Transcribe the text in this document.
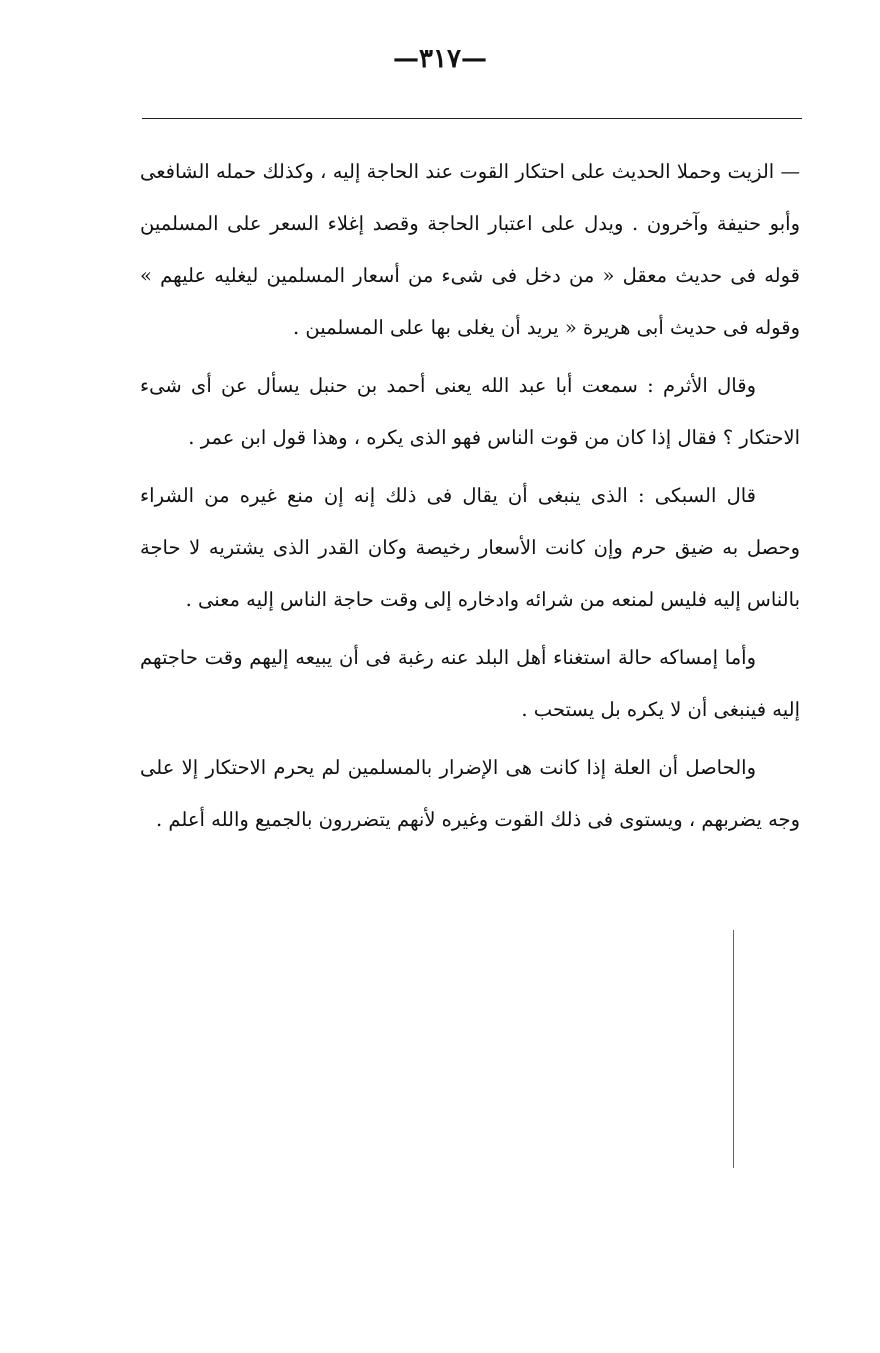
—٣١٧—

— الزيت وحملا الحديث على احتكار القوت عند الحاجة إليه ، وكذلك حمله الشافعى وأبو حنيفة وآخرون . ويدل على اعتبار الحاجة وقصد إغلاء السعر على المسلمين قوله فى حديث معقل « من دخل فى شىء من أسعار المسلمين ليغليه عليهم » وقوله فى حديث أبى هريرة « يريد أن يغلى بها على المسلمين .

وقال الأثرم : سمعت أبا عبد الله يعنى أحمد بن حنبل يسأل عن أى شىء الاحتكار ؟ فقال إذا كان من قوت الناس فهو الذى يكره ، وهذا قول ابن عمر .

قال السبكى : الذى ينبغى أن يقال فى ذلك إنه إن منع غيره من الشراء وحصل به ضيق حرم وإن كانت الأسعار رخيصة وكان القدر الذى يشتريه لا حاجة بالناس إليه فليس لمنعه من شرائه وادخاره إلى وقت حاجة الناس إليه معنى .

وأما إمساكه حالة استغناء أهل البلد عنه رغبة فى أن يبيعه إليهم وقت حاجتهم إليه فينبغى أن لا يكره بل يستحب .

والحاصل أن العلة إذا كانت هى الإضرار بالمسلمين لم يحرم الاحتكار إلا على وجه يضربهم ، ويستوى فى ذلك القوت وغيره لأنهم يتضررون بالجميع والله أعلم .
